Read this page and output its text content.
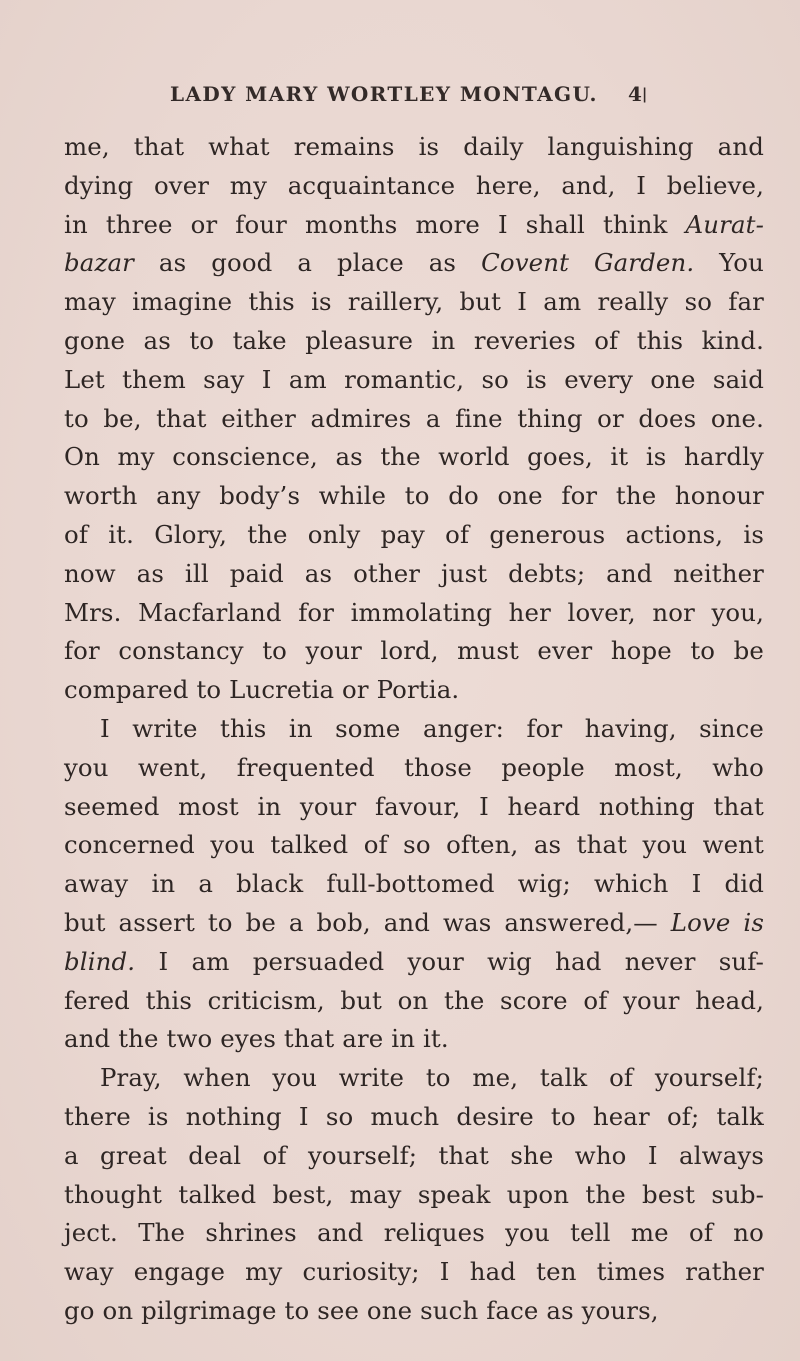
LADY MARY WORTLEY MONTAGU.	4|
me, that what remains is daily languishing and
dying over my acquaintance here, and, I believe,
in three or four months more I shall think Aurat-
bazar as good a place as Covent Garden. You
may imagine this is raillery, but I am really so far
gone as to take pleasure in reveries of this kind.
Let them say I am romantic, so is every one said
to be, that either admires a fine thing or does one.
On my conscience, as the world goes, it is hardly
worth any body’s while to do one for the honour
of it. Glory, the only pay of generous actions, is
now as ill paid as other just debts; and neither
Mrs. Macfarland for immolating her lover, nor you,
for constancy to your lord, must ever hope to be
compared to Lucretia or Portia.
I write this in some anger: for having, since
you went, frequented those people most, who
seemed most in your favour, I heard nothing that
concerned you talked of so often, as that you went
away in a black full-bottomed wig; which I did
but assert to be a bob, and was answered,— Love is
blind. I am persuaded your wig had never suf-
fered this criticism, but on the score of your head,
and the two eyes that are in it.
Pray, when you write to me, talk of yourself;
there is nothing I so much desire to hear of; talk
a great deal of yourself; that she who I always
thought talked best, may speak upon the best sub-
ject. The shrines and reliques you tell me of no
way engage my curiosity; I had ten times rather
go on pilgrimage to see one such face as yours,
